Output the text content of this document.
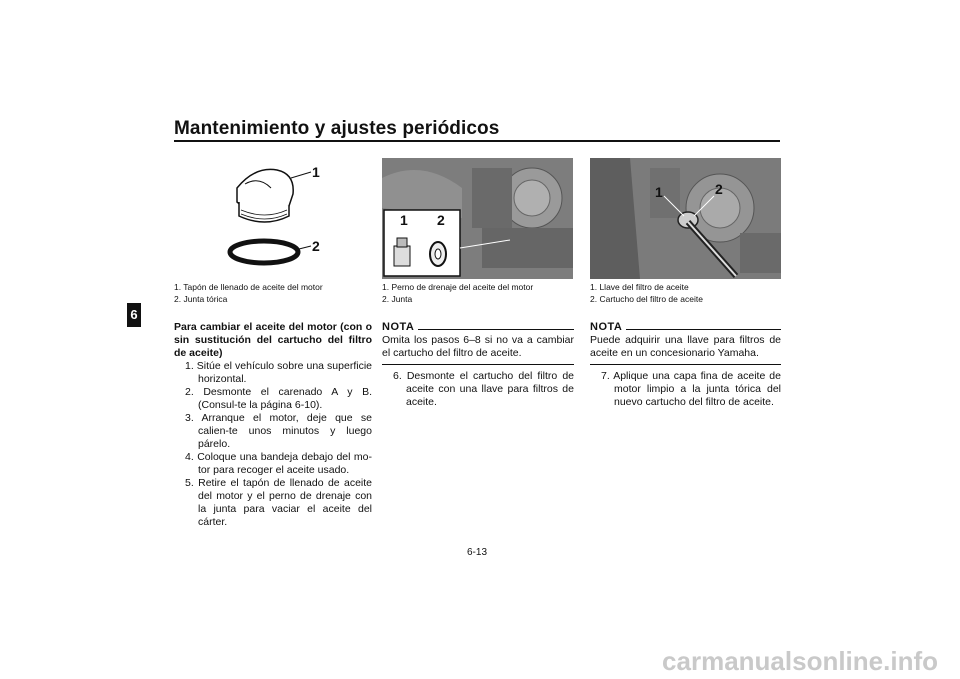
Mantenimiento y ajustes periódicos
6
1
2
1. Tapón de llenado de aceite del motor
2. Junta tórica
Para cambiar el aceite del motor (con o sin sustitución del cartucho del filtro de aceite)

1. Sitúe el vehículo sobre una superficie horizontal.

2. Desmonte el carenado A y B. (Consul-te la página 6-10).

3. Arranque el motor, deje que se calien-te unos minutos y luego párelo.

4. Coloque una bandeja debajo del mo-tor para recoger el aceite usado.

5. Retire el tapón de llenado de aceite del motor y el perno de drenaje con la junta para vaciar el aceite del cárter.

1 2
1. Perno de drenaje del aceite del motor
2. Junta
NOTA
Omita los pasos 6–8 si no va a cambiar el cartucho del filtro de aceite.

6. Desmonte el cartucho del filtro de aceite con una llave para filtros de aceite.

1	2
1. Llave del filtro de aceite
2. Cartucho del filtro de aceite
NOTA
Puede adquirir una llave para filtros de aceite en un concesionario Yamaha.

7. Aplique una capa fina de aceite de motor limpio a la junta tórica del nuevo cartucho del filtro de aceite.

6-13
carmanualsonline.info
